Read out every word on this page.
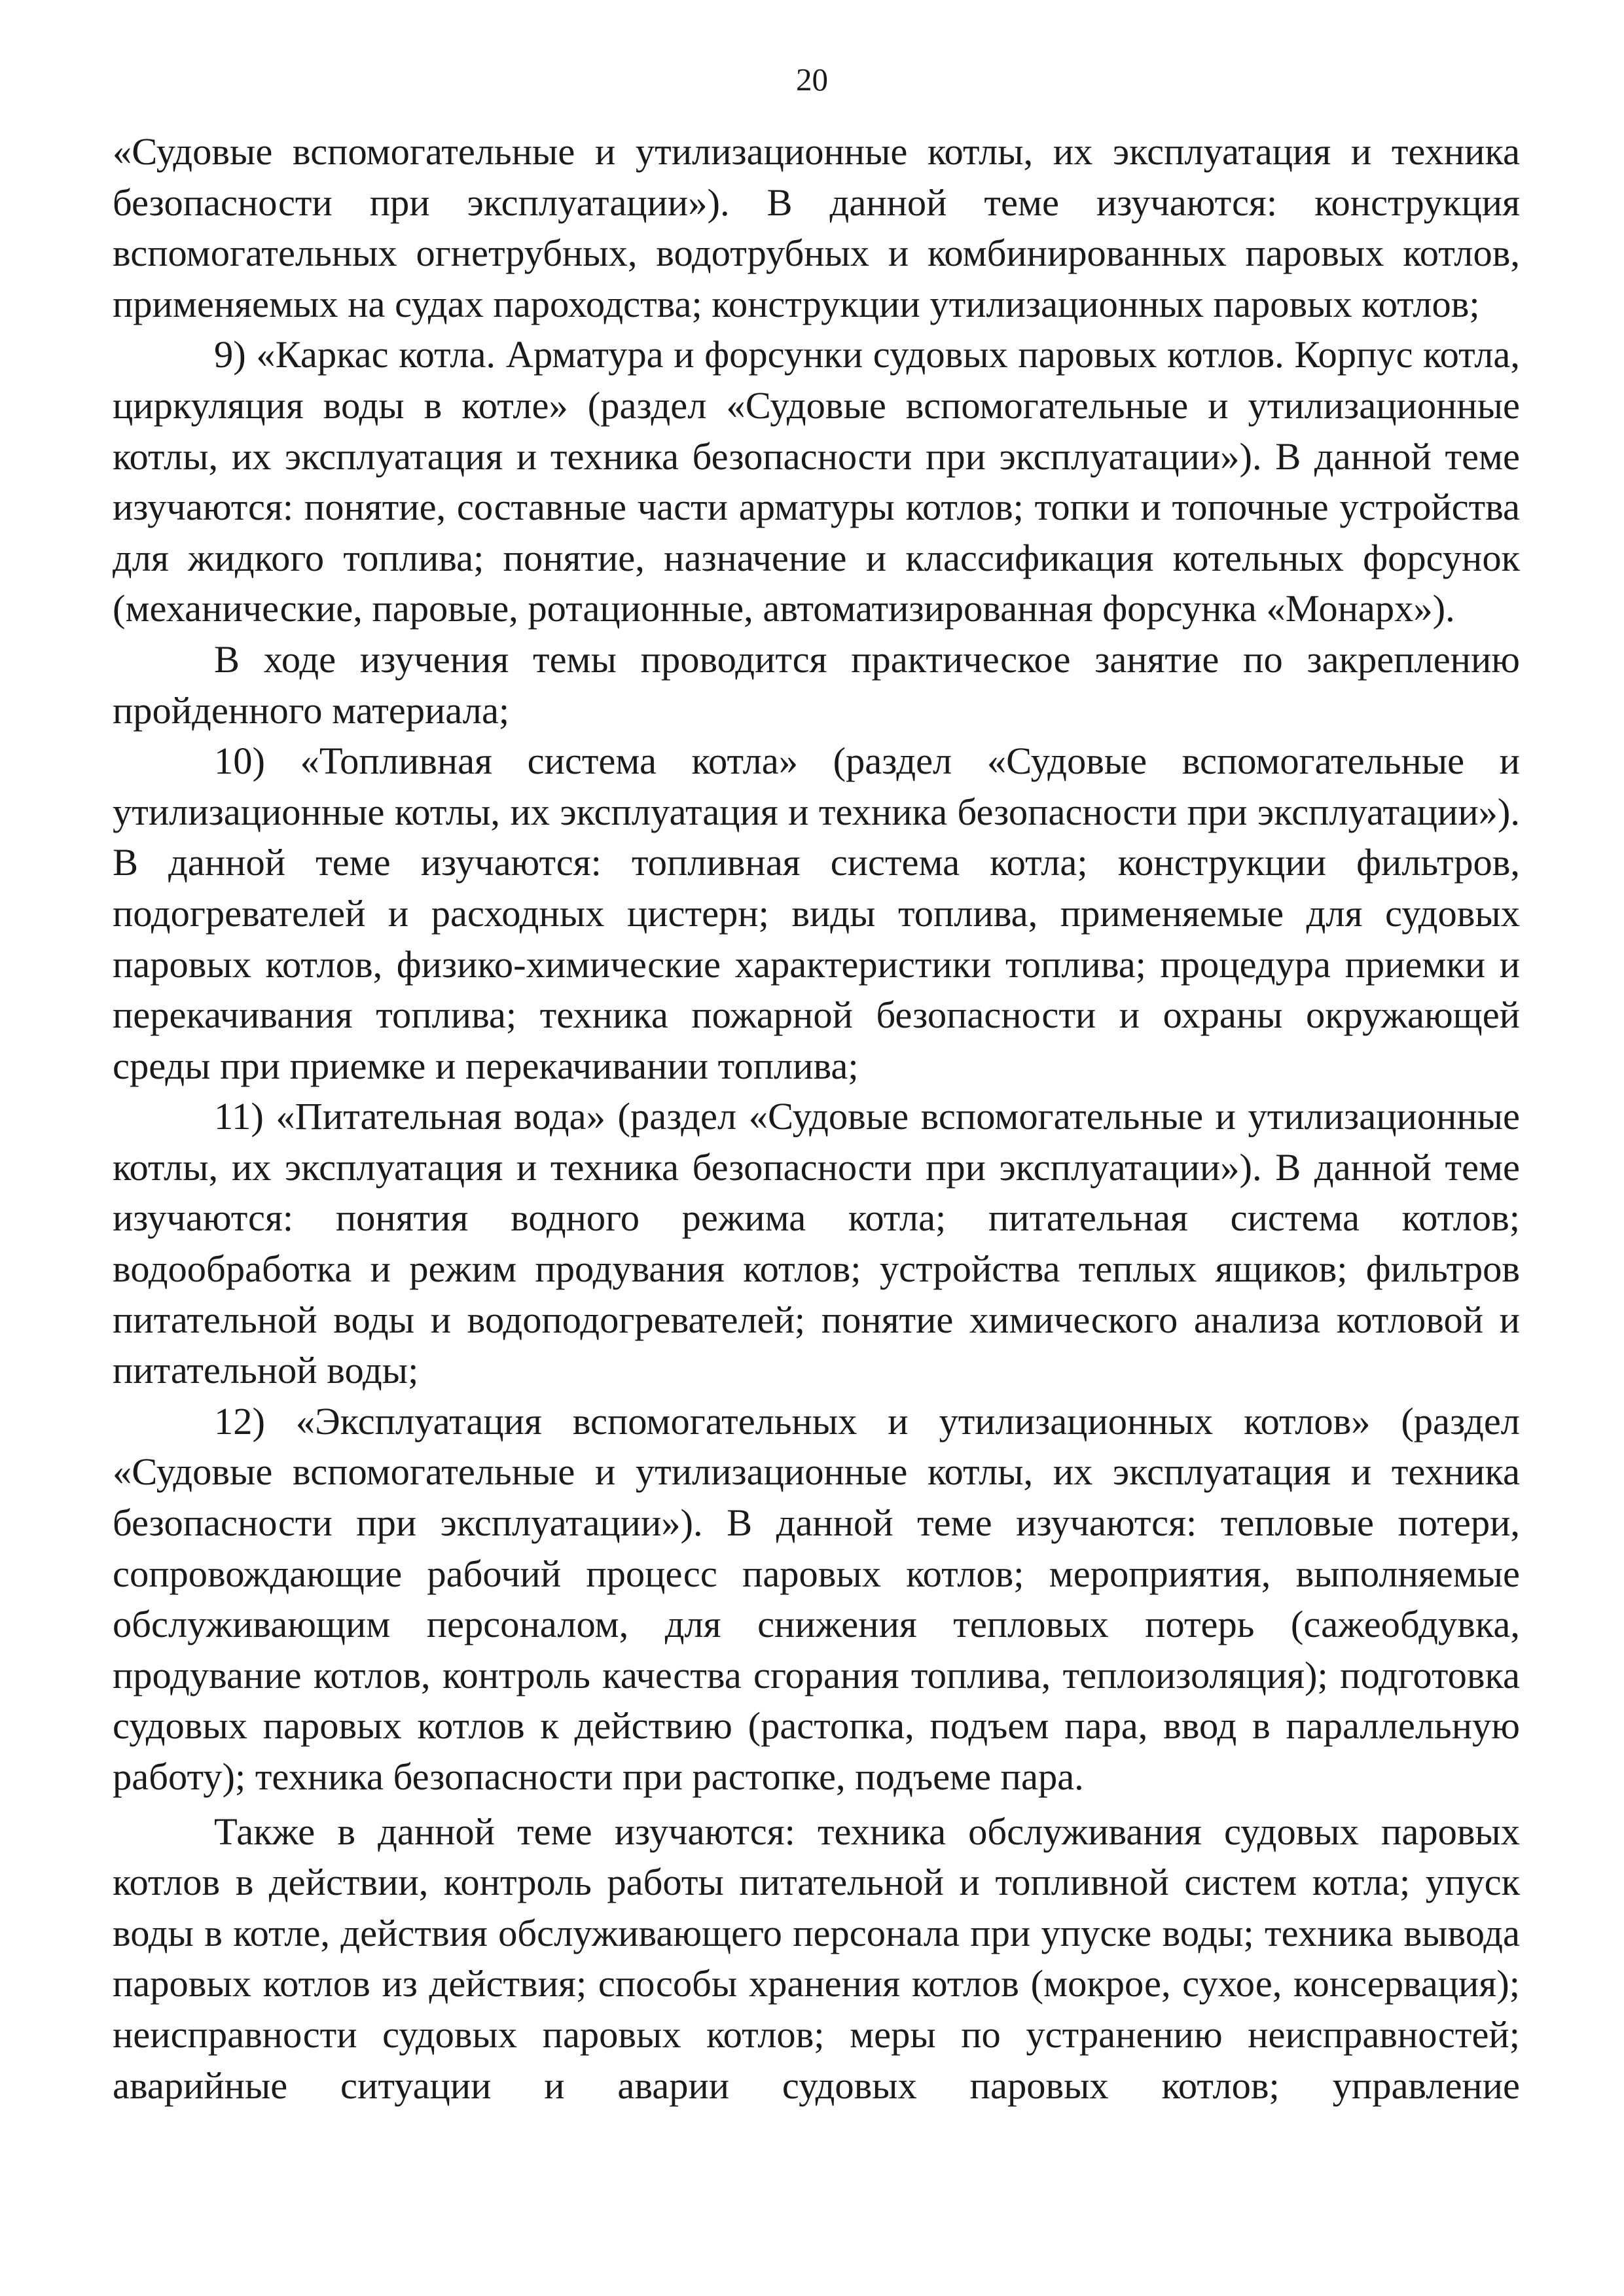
20

«Судовые вспомогательные и утилизационные котлы, их эксплуатация и техника безопасности при эксплуатации»). В данной теме изучаются: конструкция вспомогательных огнетрубных, водотрубных и комбинированных паровых котлов, применяемых на судах пароходства; конструкции утилизационных паровых котлов;

9) «Каркас котла. Арматура и форсунки судовых паровых котлов. Корпус котла, циркуляция воды в котле» (раздел «Судовые вспомогательные и утилизационные котлы, их эксплуатация и техника безопасности при эксплуатации»). В данной теме изучаются: понятие, составные части арматуры котлов; топки и топочные устройства для жидкого топлива; понятие, назначение и классификация котельных форсунок (механические, паровые, ротационные, автоматизированная форсунка «Монарх»).

В ходе изучения темы проводится практическое занятие по закреплению пройденного материала;

10) «Топливная система котла» (раздел «Судовые вспомогательные и утилизационные котлы, их эксплуатация и техника безопасности при эксплуатации»). В данной теме изучаются: топливная система котла; конструкции фильтров, подогревателей и расходных цистерн; виды топлива, применяемые для судовых паровых котлов, физико-химические характеристики топлива; процедура приемки и перекачивания топлива; техника пожарной безопасности и охраны окружающей среды при приемке и перекачивании топлива;

11) «Питательная вода» (раздел «Судовые вспомогательные и утилизационные котлы, их эксплуатация и техника безопасности при эксплуатации»). В данной теме изучаются: понятия водного режима котла; питательная система котлов; водообработка и режим продувания котлов; устройства теплых ящиков; фильтров питательной воды и водоподогревателей; понятие химического анализа котловой и питательной воды;

12) «Эксплуатация вспомогательных и утилизационных котлов» (раздел «Судовые вспомогательные и утилизационные котлы, их эксплуатация и техника безопасности при эксплуатации»). В данной теме изучаются: тепловые потери, сопровождающие рабочий процесс паровых котлов; мероприятия, выполняемые обслуживающим персоналом, для снижения тепловых потерь (сажеобдувка, продувание котлов, контроль качества сгорания топлива, теплоизоляция); подготовка судовых паровых котлов к действию (растопка, подъем пара, ввод в параллельную работу); техника безопасности при растопке, подъеме пара.

Также в данной теме изучаются: техника обслуживания судовых паровых котлов в действии, контроль работы питательной и топливной систем котла; упуск воды в котле, действия обслуживающего персонала при упуске воды; техника вывода паровых котлов из действия; способы хранения котлов (мокрое, сухое, консервация); неисправности судовых паровых котлов; меры по устранению неисправностей; аварийные ситуации и аварии судовых паровых котлов; управление
